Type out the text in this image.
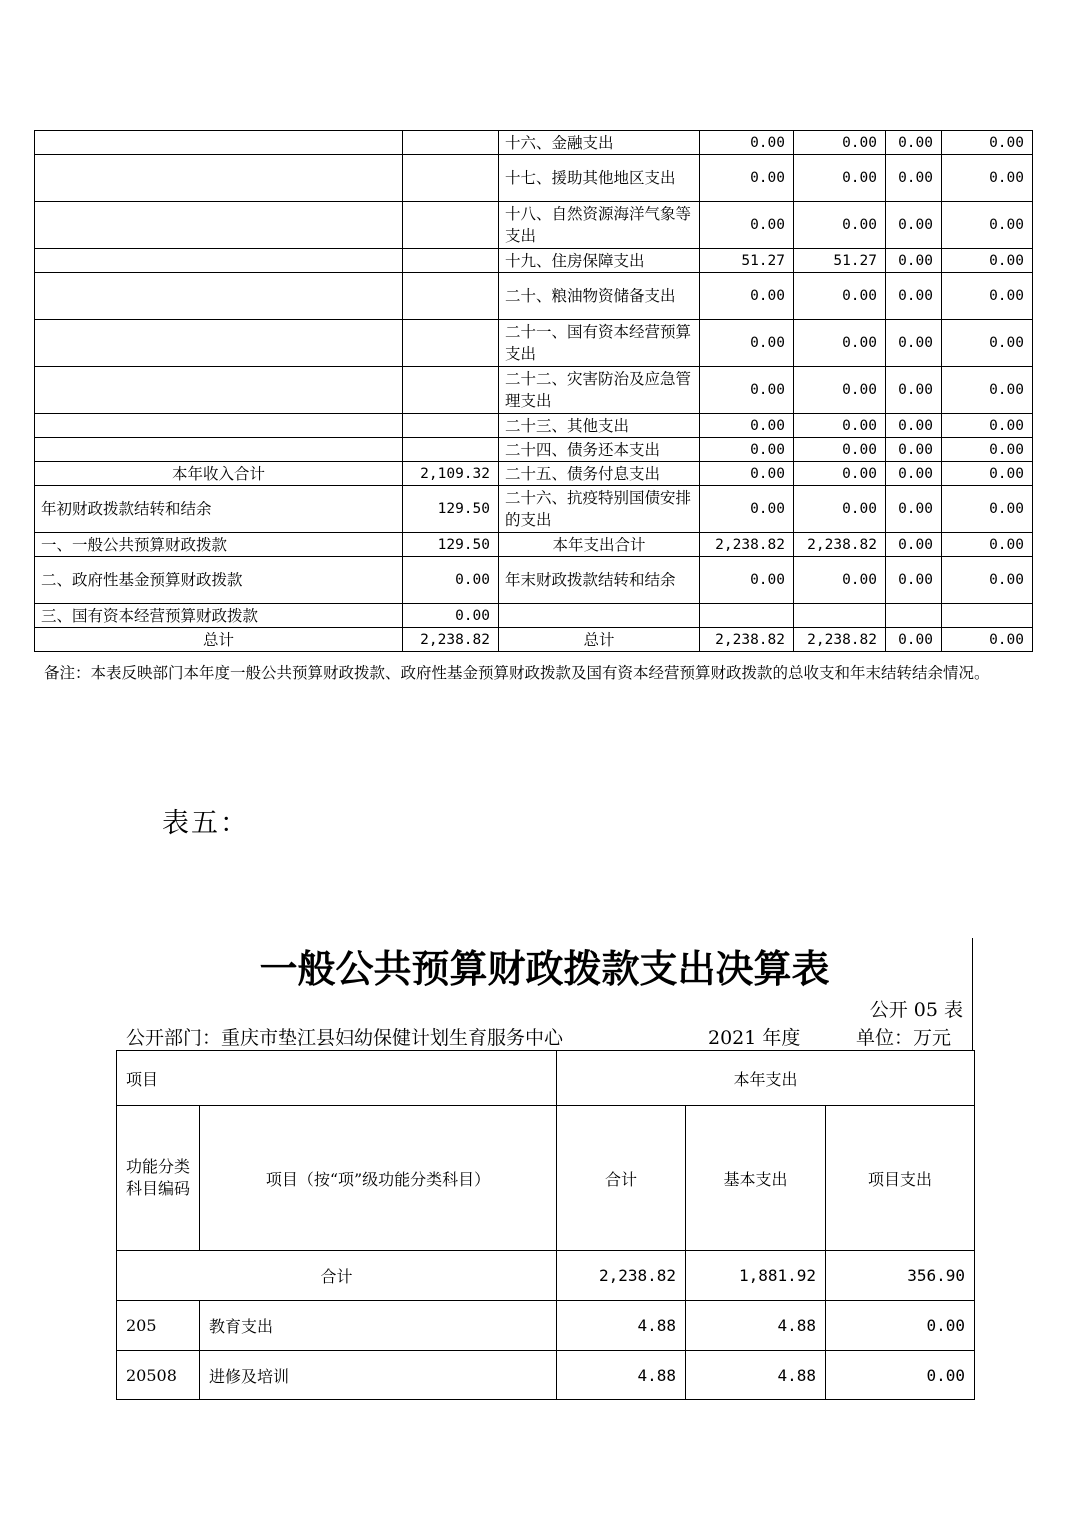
		十六、金融支出	0.00	0.00	0.00	0.00
		十七、援助其他地区支出	0.00	0.00	0.00	0.00
		十八、自然资源海洋气象等支出	0.00	0.00	0.00	0.00
		十九、住房保障支出	51.27	51.27	0.00	0.00
		二十、粮油物资储备支出	0.00	0.00	0.00	0.00
		二十一、国有资本经营预算支出	0.00	0.00	0.00	0.00
		二十二、灾害防治及应急管理支出	0.00	0.00	0.00	0.00
		二十三、其他支出	0.00	0.00	0.00	0.00
		二十四、债务还本支出	0.00	0.00	0.00	0.00
本年收入合计	2,109.32	二十五、债务付息支出	0.00	0.00	0.00	0.00
年初财政拨款结转和结余	129.50	二十六、抗疫特别国债安排的支出	0.00	0.00	0.00	0.00
一、一般公共预算财政拨款	129.50	本年支出合计	2,238.82	2,238.82	0.00	0.00
二、政府性基金预算财政拨款	0.00	年末财政拨款结转和结余	0.00	0.00	0.00	0.00
三、国有资本经营预算财政拨款	0.00					
总计	2,238.82	总计	2,238.82	2,238.82	0.00	0.00
备注：本表反映部门本年度一般公共预算财政拨款、政府性基金预算财政拨款及国有资本经营预算财政拨款的总收支和年末结转结余情况。
表五：
一般公共预算财政拨款支出决算表
公开 05 表
公开部门：重庆市垫江县妇幼保健计划生育服务中心	2021 年度	单位：万元
项目		本年支出		
功能分类科目编码	项目（按“项”级功能分类科目）	合计	基本支出	项目支出
合计		2,238.82	1,881.92	356.90
205	教育支出	4.88	4.88	0.00
20508	进修及培训	4.88	4.88	0.00
